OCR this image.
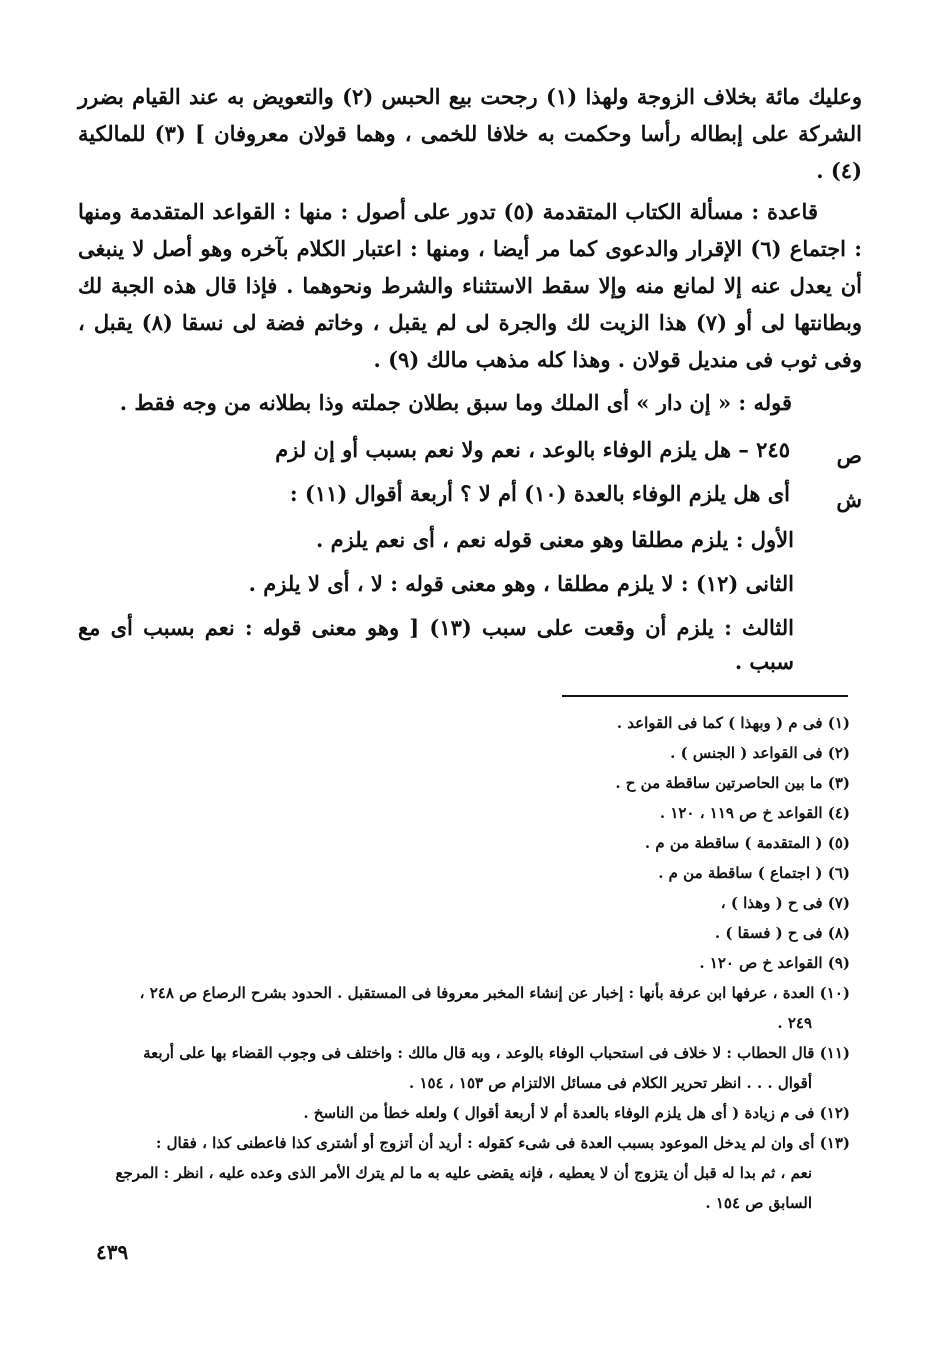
وعليك مائة بخلاف الزوجة ولهذا (١) رجحت بيع الحبس (٢) والتعويض به عند القيام بضرر الشركة على إبطاله رأسا وحكمت به خلافا للخمى ، وهما قولان معروفان ] (٣) للمالكية (٤) .

قاعدة : مسألة الكتاب المتقدمة (٥) تدور على أصول : منها : القواعد المتقدمة ومنها : اجتماع (٦) الإقرار والدعوى كما مر أيضا ، ومنها : اعتبار الكلام بآخره وهو أصل لا ينبغى أن يعدل عنه إلا لمانع منه وإلا سقط الاستثناء والشرط ونحوهما . فإذا قال هذه الجبة لك وبطانتها لى أو (٧) هذا الزيت لك والجرة لى لم يقبل ، وخاتم فضة لى نسقا (٨) يقبل ، وفى ثوب فى منديل قولان . وهذا كله مذهب مالك (٩) .

قوله : « إن دار » أى الملك وما سبق بطلان جملته وذا بطلانه من وجه فقط .
ص
٢٤٥ – هل يلزم الوفاء بالوعد ، نعم ولا نعم بسبب أو إن لزم
ش
أى هل يلزم الوفاء بالعدة (١٠) أم لا ؟ أربعة أقوال (١١) :
الأول : يلزم مطلقا وهو معنى قوله نعم ، أى نعم يلزم .
الثانى (١٢) : لا يلزم مطلقا ، وهو معنى قوله : لا ، أى لا يلزم .
الثالث : يلزم أن وقعت على سبب (١٣) [ وهو معنى قوله : نعم بسبب أى مع سبب .

(١) فى م ( وبهذا ) كما فى القواعد .

(٢) فى القواعد ( الجنس ) .

(٣) ما بين الحاصرتين ساقطة من ح .

(٤) القواعد خ ص ١١٩ ، ١٢٠ .

(٥) ( المتقدمة ) ساقطة من م .

(٦) ( اجتماع ) ساقطة من م .

(٧) فى ح ( وهذا ) ،

(٨) فى ح ( فسقا ) .

(٩) القواعد خ ص ١٢٠ .

(١٠) العدة ، عرفها ابن عرفة بأنها : إخبار عن إنشاء المخبر معروفا فى المستقبل . الحدود بشرح الرصاع ص ٢٤٨ ،
٢٤٩ .

(١١) قال الحطاب : لا خلاف فى استحباب الوفاء بالوعد ، وبه قال مالك : واختلف فى وجوب القضاء بها على أربعة
أقوال . . . انظر تحرير الكلام فى مسائل الالتزام ص ١٥٣ ، ١٥٤ .

(١٢) فى م زيادة ( أى هل يلزم الوفاء بالعدة أم لا أربعة أقوال ) ولعله خطأ من الناسخ .

(١٣) أى وان لم يدخل الموعود بسبب العدة فى شىء كقوله : أريد أن أتزوج أو أشترى كذا فاعطنى كذا ، فقال :
نعم ، ثم بدا له قبل أن يتزوج أن لا يعطيه ، فإنه يقضى عليه به ما لم يترك الأمر الذى وعده عليه ، انظر : المرجع
السابق ص ١٥٤ .

٤٣٩
